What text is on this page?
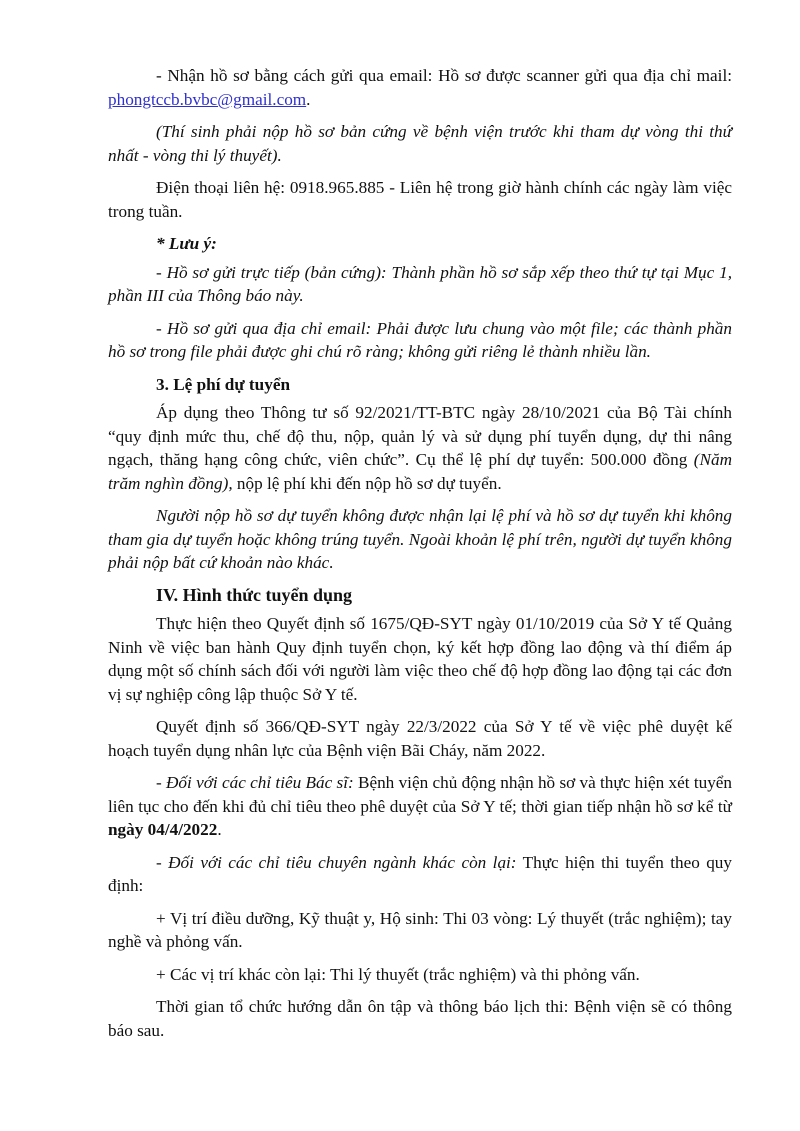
- Nhận hồ sơ bằng cách gửi qua email: Hồ sơ được scanner gửi qua địa chỉ mail: phongtccb.bvbc@gmail.com.

(Thí sinh phải nộp hồ sơ bản cứng về bệnh viện trước khi tham dự vòng thi thứ nhất - vòng thi lý thuyết).

Điện thoại liên hệ: 0918.965.885 - Liên hệ trong giờ hành chính các ngày làm việc trong tuần.

* Lưu ý:

- Hồ sơ gửi trực tiếp (bản cứng): Thành phần hồ sơ sắp xếp theo thứ tự tại Mục 1, phần III của Thông báo này.

- Hồ sơ gửi qua địa chỉ email: Phải được lưu chung vào một file; các thành phần hồ sơ trong file phải được ghi chú rõ ràng; không gửi riêng lẻ thành nhiều lần.

3. Lệ phí dự tuyển

Áp dụng theo Thông tư số 92/2021/TT-BTC ngày 28/10/2021 của Bộ Tài chính “quy định mức thu, chế độ thu, nộp, quản lý và sử dụng phí tuyển dụng, dự thi nâng ngạch, thăng hạng công chức, viên chức”. Cụ thể lệ phí dự tuyển: 500.000 đồng (Năm trăm nghìn đồng), nộp lệ phí khi đến nộp hồ sơ dự tuyển.

Người nộp hồ sơ dự tuyển không được nhận lại lệ phí và hồ sơ dự tuyển khi không tham gia dự tuyển hoặc không trúng tuyển. Ngoài khoản lệ phí trên, người dự tuyển không phải nộp bất cứ khoản nào khác.

IV. Hình thức tuyển dụng

Thực hiện theo Quyết định số 1675/QĐ-SYT ngày 01/10/2019 của Sở Y tế Quảng Ninh về việc ban hành Quy định tuyển chọn, ký kết hợp đồng lao động và thí điểm áp dụng một số chính sách đối với người làm việc theo chế độ hợp đồng lao động tại các đơn vị sự nghiệp công lập thuộc Sở Y tế.

Quyết định số 366/QĐ-SYT ngày 22/3/2022 của Sở Y tế về việc phê duyệt kế hoạch tuyển dụng nhân lực của Bệnh viện Bãi Cháy, năm 2022.

- Đối với các chỉ tiêu Bác sĩ: Bệnh viện chủ động nhận hồ sơ và thực hiện xét tuyển liên tục cho đến khi đủ chỉ tiêu theo phê duyệt của Sở Y tế; thời gian tiếp nhận hồ sơ kể từ ngày 04/4/2022.

- Đối với các chỉ tiêu chuyên ngành khác còn lại: Thực hiện thi tuyển theo quy định:

+ Vị trí điều dưỡng, Kỹ thuật y, Hộ sinh: Thi 03 vòng: Lý thuyết (trắc nghiệm); tay nghề và phỏng vấn.

+ Các vị trí khác còn lại: Thi lý thuyết (trắc nghiệm) và thi phỏng vấn.

Thời gian tổ chức hướng dẫn ôn tập và thông báo lịch thi: Bệnh viện sẽ có thông báo sau.
